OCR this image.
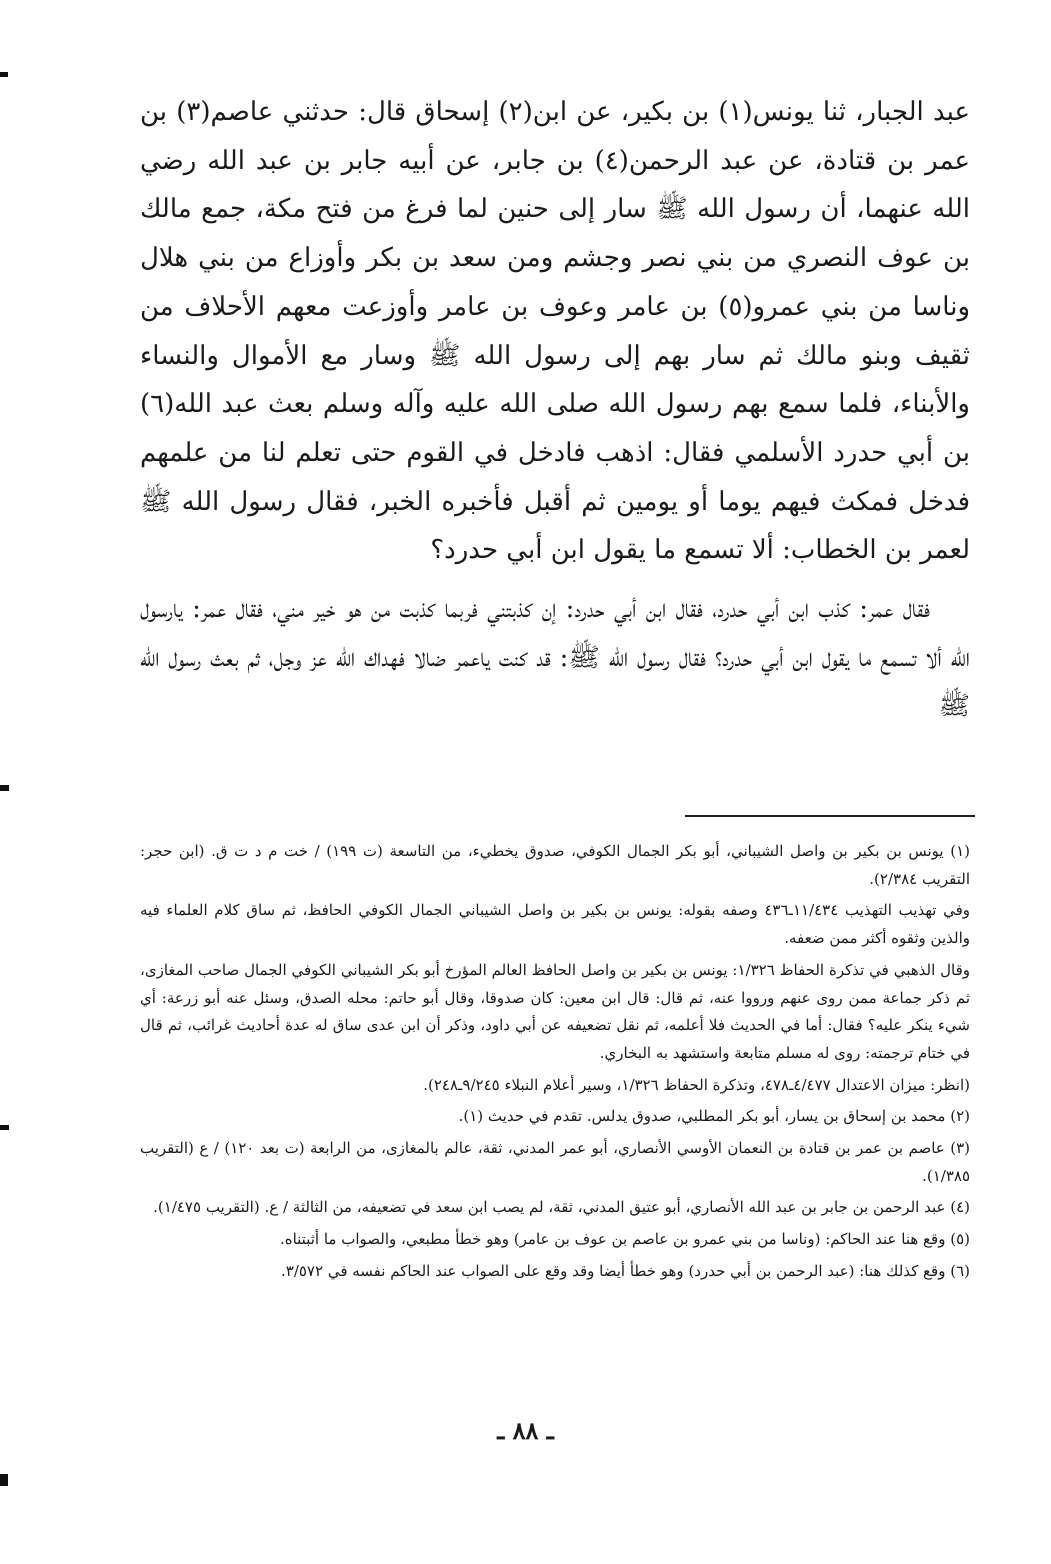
عبد الجبار، ثنا يونس(١) بن بكير، عن ابن(٢) إسحاق قال: حدثني عاصم(٣) بن عمر بن قتادة، عن عبد الرحمن(٤) بن جابر، عن أبيه جابر بن عبد الله رضي الله عنهما، أن رسول الله ﷺ سار إلى حنين لما فرغ من فتح مكة، جمع مالك بن عوف النصري من بني نصر وجشم ومن سعد بن بكر وأوزاع من بني هلال وناسا من بني عمرو(٥) بن عامر وعوف بن عامر وأوزعت معهم الأحلاف من ثقيف وبنو مالك ثم سار بهم إلى رسول الله ﷺ وسار مع الأموال والنساء والأبناء، فلما سمع بهم رسول الله صلى الله عليه وآله وسلم بعث عبد الله(٦) بن أبي حدرد الأسلمي فقال: اذهب فادخل في القوم حتى تعلم لنا من علمهم فدخل فمكث فيهم يوما أو يومين ثم أقبل فأخبره الخبر، فقال رسول الله ﷺ لعمر بن الخطاب: ألا تسمع ما يقول ابن أبي حدرد؟

فقال عمر: كذب ابن أبي حدرد، فقال ابن أبي حدرد: إن كذبتني فربما كذبت من هو خير مني، فقال عمر: يارسول الله ألا تسمع ما يقول ابن أبي حدرد؟ فقال رسول الله ﷺ: قد كنت ياعمر ضالا فهداك الله عز وجل، ثم بعث رسول الله ﷺ

(١) يونس بن بكير بن واصل الشيباني، أبو بكر الجمال الكوفي، صدوق يخطيء، من التاسعة (ت ١٩٩) / خت م د ت ق. (ابن حجر: التقريب ٢/٣٨٤).

وفي تهذيب التهذيب ١١/٤٣٤ـ٤٣٦ وصفه بقوله: يونس بن بكير بن واصل الشيباني الجمال الكوفي الحافظ، ثم ساق كلام العلماء فيه والذين وثقوه أكثر ممن ضعفه.

وقال الذهبي في تذكرة الحفاظ ١/٣٢٦: يونس بن بكير بن واصل الحافظ العالم المؤرخ أبو بكر الشيباني الكوفي الجمال صاحب المغازى، ثم ذكر جماعة ممن روى عنهم ورووا عنه، ثم قال: قال ابن معين: كان صدوقا، وقال أبو حاتم: محله الصدق، وسئل عنه أبو زرعة: أي شيء ينكر عليه؟ فقال: أما في الحديث فلا أعلمه، ثم نقل تضعيفه عن أبي داود، وذكر أن ابن عدى ساق له عدة أحاديث غرائب، ثم قال في ختام ترجمته: روى له مسلم متابعة واستشهد به البخاري.

(انظر: ميزان الاعتدال ٤/٤٧٧ـ٤٧٨، وتذكرة الحفاظ ١/٣٢٦، وسير أعلام النبلاء ٩/٢٤٥ـ٢٤٨).

(٢) محمد بن إسحاق بن يسار، أبو بكر المطلبي، صدوق يدلس. تقدم في حديث (١).

(٣) عاصم بن عمر بن قتادة بن النعمان الأوسي الأنصاري، أبو عمر المدني، ثقة، عالم بالمغازى، من الرابعة (ت بعد ١٢٠) / ع (التقريب ١/٣٨٥).

(٤) عبد الرحمن بن جابر بن عبد الله الأنصاري، أبو عتيق المدني، ثقة، لم يصب ابن سعد في تضعيفه، من الثالثة / ع. (التقريب ١/٤٧٥).

(٥) وقع هنا عند الحاكم: (وناسا من بني عمرو بن عاصم بن عوف بن عامر) وهو خطأ مطبعي، والصواب ما أثبتناه.

(٦) وقع كذلك هنا: (عبد الرحمن بن أبي حدرد) وهو خطأ أيضا وقد وقع على الصواب عند الحاكم نفسه في ٣/٥٧٢.

ـ ٨٨ ـ
